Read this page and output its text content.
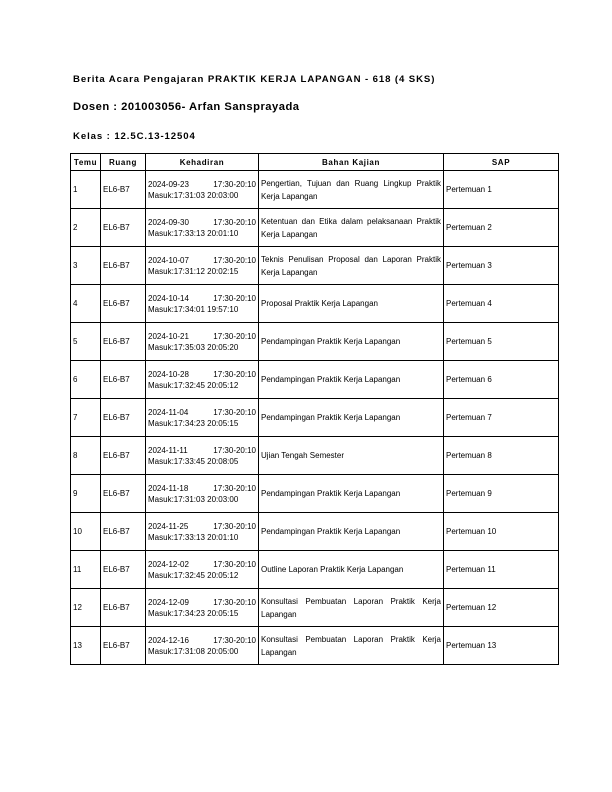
Berita Acara Pengajaran PRAKTIK KERJA LAPANGAN - 618 (4 SKS)
Dosen : 201003056- Arfan Sansprayada
Kelas : 12.5C.13-12504
Temu	Ruang	Kehadiran	Bahan Kajian	SAP
1	EL6-B7	2024-09-23 17:30-20:10
Masuk:17:31:03 20:03:00	Pengertian, Tujuan dan Ruang Lingkup Praktik Kerja Lapangan	Pertemuan 1
2	EL6-B7	2024-09-30 17:30-20:10
Masuk:17:33:13 20:01:10	Ketentuan dan Etika dalam pelaksanaan Praktik Kerja Lapangan	Pertemuan 2
3	EL6-B7	2024-10-07 17:30-20:10
Masuk:17:31:12 20:02:15	Teknis Penulisan Proposal dan Laporan Praktik Kerja Lapangan	Pertemuan 3
4	EL6-B7	2024-10-14 17:30-20:10
Masuk:17:34:01 19:57:10	Proposal Praktik Kerja Lapangan	Pertemuan 4
5	EL6-B7	2024-10-21 17:30-20:10
Masuk:17:35:03 20:05:20	Pendampingan Praktik Kerja Lapangan	Pertemuan 5
6	EL6-B7	2024-10-28 17:30-20:10
Masuk:17:32:45 20:05:12	Pendampingan Praktik Kerja Lapangan	Pertemuan 6
7	EL6-B7	2024-11-04 17:30-20:10
Masuk:17:34:23 20:05:15	Pendampingan Praktik Kerja Lapangan	Pertemuan 7
8	EL6-B7	2024-11-11 17:30-20:10
Masuk:17:33:45 20:08:05	Ujian Tengah Semester	Pertemuan 8
9	EL6-B7	2024-11-18 17:30-20:10
Masuk:17:31:03 20:03:00	Pendampingan Praktik Kerja Lapangan	Pertemuan 9
10	EL6-B7	2024-11-25 17:30-20:10
Masuk:17:33:13 20:01:10	Pendampingan Praktik Kerja Lapangan	Pertemuan 10
11	EL6-B7	2024-12-02 17:30-20:10
Masuk:17:32:45 20:05:12	Outline Laporan Praktik Kerja Lapangan	Pertemuan 11
12	EL6-B7	2024-12-09 17:30-20:10
Masuk:17:34:23 20:05:15	Konsultasi Pembuatan Laporan Praktik Kerja Lapangan	Pertemuan 12
13	EL6-B7	2024-12-16 17:30-20:10
Masuk:17:31:08 20:05:00	Konsultasi Pembuatan Laporan Praktik Kerja Lapangan	Pertemuan 13
